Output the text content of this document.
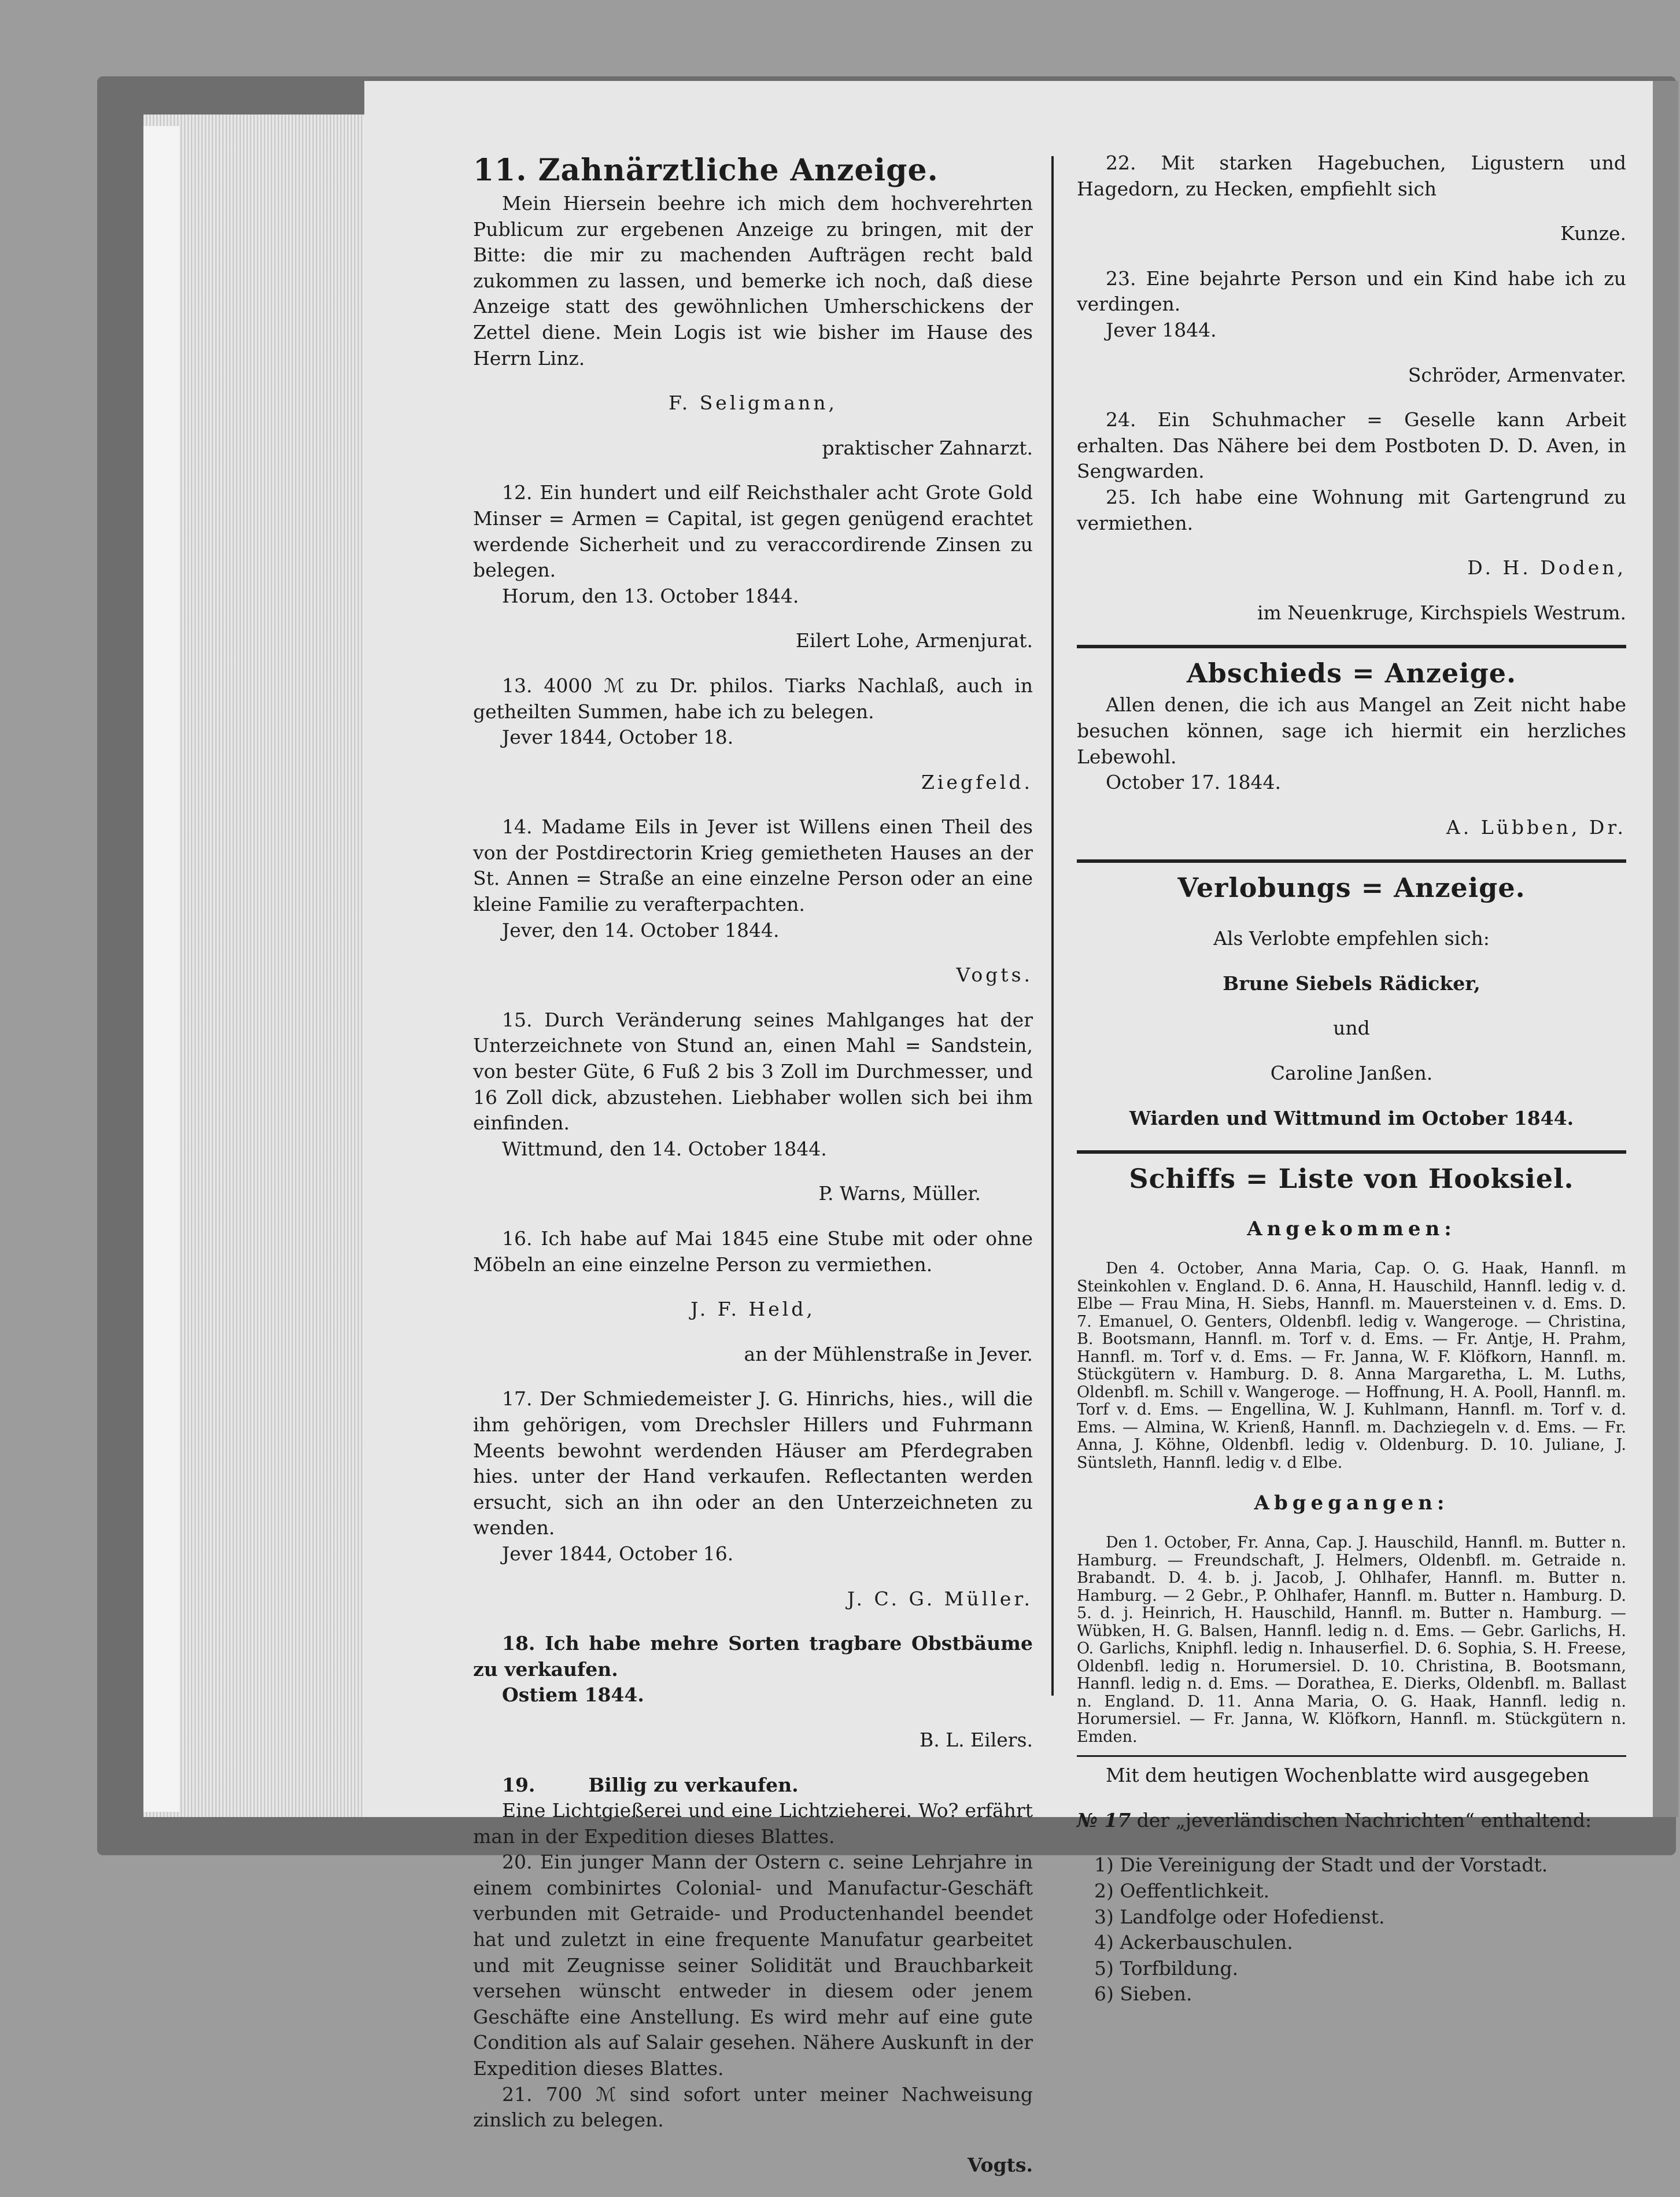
11. Zahnärztliche Anzeige.

Mein Hiersein beehre ich mich dem hochverehrten Publicum zur ergebenen Anzeige zu bringen, mit der Bitte: die mir zu machenden Aufträgen recht bald zukommen zu lassen, und bemerke ich noch, daß diese Anzeige statt des gewöhnlichen Umherschickens der Zettel diene. Mein Logis ist wie bisher im Hause des Herrn Linz.

F. Seligmann,

praktischer Zahnarzt.

12. Ein hundert und eilf Reichsthaler acht Grote Gold Minser = Armen = Capital, ist gegen genügend erachtet werdende Sicherheit und zu veraccordirende Zinsen zu belegen.

Horum, den 13. October 1844.

Eilert Lohe, Armenjurat.

13. 4000 ℳ zu Dr. philos. Tiarks Nachlaß, auch in getheilten Summen, habe ich zu belegen.

Jever 1844, October 18.

Ziegfeld.

14. Madame Eils in Jever ist Willens einen Theil des von der Postdirectorin Krieg gemietheten Hauses an der St. Annen = Straße an eine einzelne Person oder an eine kleine Familie zu verafterpachten.

Jever, den 14. October 1844.

Vogts.

15. Durch Veränderung seines Mahlganges hat der Unterzeichnete von Stund an, einen Mahl = Sandstein, von bester Güte, 6 Fuß 2 bis 3 Zoll im Durchmesser, und 16 Zoll dick, abzustehen. Liebhaber wollen sich bei ihm einfinden.

Wittmund, den 14. October 1844.

P. Warns, Müller.

16. Ich habe auf Mai 1845 eine Stube mit oder ohne Möbeln an eine einzelne Person zu vermiethen.

J. F. Held,

an der Mühlenstraße in Jever.

17. Der Schmiedemeister J. G. Hinrichs, hies., will die ihm gehörigen, vom Drechsler Hillers und Fuhrmann Meents bewohnt werdenden Häuser am Pferdegraben hies. unter der Hand verkaufen. Reflectanten werden ersucht, sich an ihn oder an den Unterzeichneten zu wenden.

Jever 1844, October 16.

J. C. G. Müller.

18. Ich habe mehre Sorten tragbare Obstbäume zu verkaufen.

Ostiem 1844.

B. L. Eilers.

19.	Billig zu verkaufen.

Eine Lichtgießerei und eine Lichtzieherei. Wo? erfährt man in der Expedition dieses Blattes.

20. Ein junger Mann der Ostern c. seine Lehrjahre in einem combinirtes Colonial- und Manufactur-Geschäft verbunden mit Getraide- und Productenhandel beendet hat und zuletzt in eine frequente Manufatur gearbeitet und mit Zeugnisse seiner Solidität und Brauchbarkeit versehen wünscht entweder in diesem oder jenem Geschäfte eine Anstellung. Es wird mehr auf eine gute Condition als auf Salair gesehen. Nähere Auskunft in der Expedition dieses Blattes.

21. 700 ℳ sind sofort unter meiner Nachweisung zinslich zu belegen.

Vogts.

22. Mit starken Hagebuchen, Ligustern und Hagedorn, zu Hecken, empfiehlt sich

Kunze.

23. Eine bejahrte Person und ein Kind habe ich zu verdingen.

Jever 1844.

Schröder, Armenvater.

24. Ein Schuhmacher = Geselle kann Arbeit erhalten. Das Nähere bei dem Postboten D. D. Aven, in Sengwarden.

25. Ich habe eine Wohnung mit Gartengrund zu vermiethen.

D. H. Doden,

im Neuenkruge, Kirchspiels Westrum.

Abschieds = Anzeige.

Allen denen, die ich aus Mangel an Zeit nicht habe besuchen können, sage ich hiermit ein herzliches Lebewohl.

October 17. 1844.

A. Lübben, Dr.

Verlobungs = Anzeige.

Als Verlobte empfehlen sich:

Brune Siebels Rädicker,

und

Caroline Janßen.

Wiarden und Wittmund im October 1844.

Schiffs = Liste von Hooksiel.

Angekommen:

Den 4. October, Anna Maria, Cap. O. G. Haak, Hannfl. m Steinkohlen v. England. D. 6. Anna, H. Hauschild, Hannfl. ledig v. d. Elbe — Frau Mina, H. Siebs, Hannfl. m. Mauersteinen v. d. Ems. D. 7. Emanuel, O. Genters, Oldenbfl. ledig v. Wangeroge. — Christina, B. Bootsmann, Hannfl. m. Torf v. d. Ems. — Fr. Antje, H. Prahm, Hannfl. m. Torf v. d. Ems. — Fr. Janna, W. F. Klöfkorn, Hannfl. m. Stückgütern v. Hamburg. D. 8. Anna Margaretha, L. M. Luths, Oldenbfl. m. Schill v. Wangeroge. — Hoffnung, H. A. Pooll, Hannfl. m. Torf v. d. Ems. — Engellina, W. J. Kuhlmann, Hannfl. m. Torf v. d. Ems. — Almina, W. Krienß, Hannfl. m. Dachziegeln v. d. Ems. — Fr. Anna, J. Köhne, Oldenbfl. ledig v. Oldenburg. D. 10. Juliane, J. Süntsleth, Hannfl. ledig v. d Elbe.

Abgegangen:

Den 1. October, Fr. Anna, Cap. J. Hauschild, Hannfl. m. Butter n. Hamburg. — Freundschaft, J. Helmers, Oldenbfl. m. Getraide n. Brabandt. D. 4. b. j. Jacob, J. Ohlhafer, Hannfl. m. Butter n. Hamburg. — 2 Gebr., P. Ohlhafer, Hannfl. m. Butter n. Hamburg. D. 5. d. j. Heinrich, H. Hauschild, Hannfl. m. Butter n. Hamburg. — Wübken, H. G. Balsen, Hannfl. ledig n. d. Ems. — Gebr. Garlichs, H. O. Garlichs, Kniphfl. ledig n. Inhauserfiel. D. 6. Sophia, S. H. Freese, Oldenbfl. ledig n. Horumersiel. D. 10. Christina, B. Bootsmann, Hannfl. ledig n. d. Ems. — Dorathea, E. Dierks, Oldenbfl. m. Ballast n. England. D. 11. Anna Maria, O. G. Haak, Hannfl. ledig n. Horumersiel. — Fr. Janna, W. Klöfkorn, Hannfl. m. Stückgütern n. Emden.

Mit dem heutigen Wochenblatte wird ausgegeben

№ 17 der „jeverländischen Nachrichten“ enthaltend:

1) Die Vereinigung der Stadt und der Vorstadt.

2) Oeffentlichkeit.

3) Landfolge oder Hofedienst.

4) Ackerbauschulen.

5) Torfbildung.

6) Sieben.
